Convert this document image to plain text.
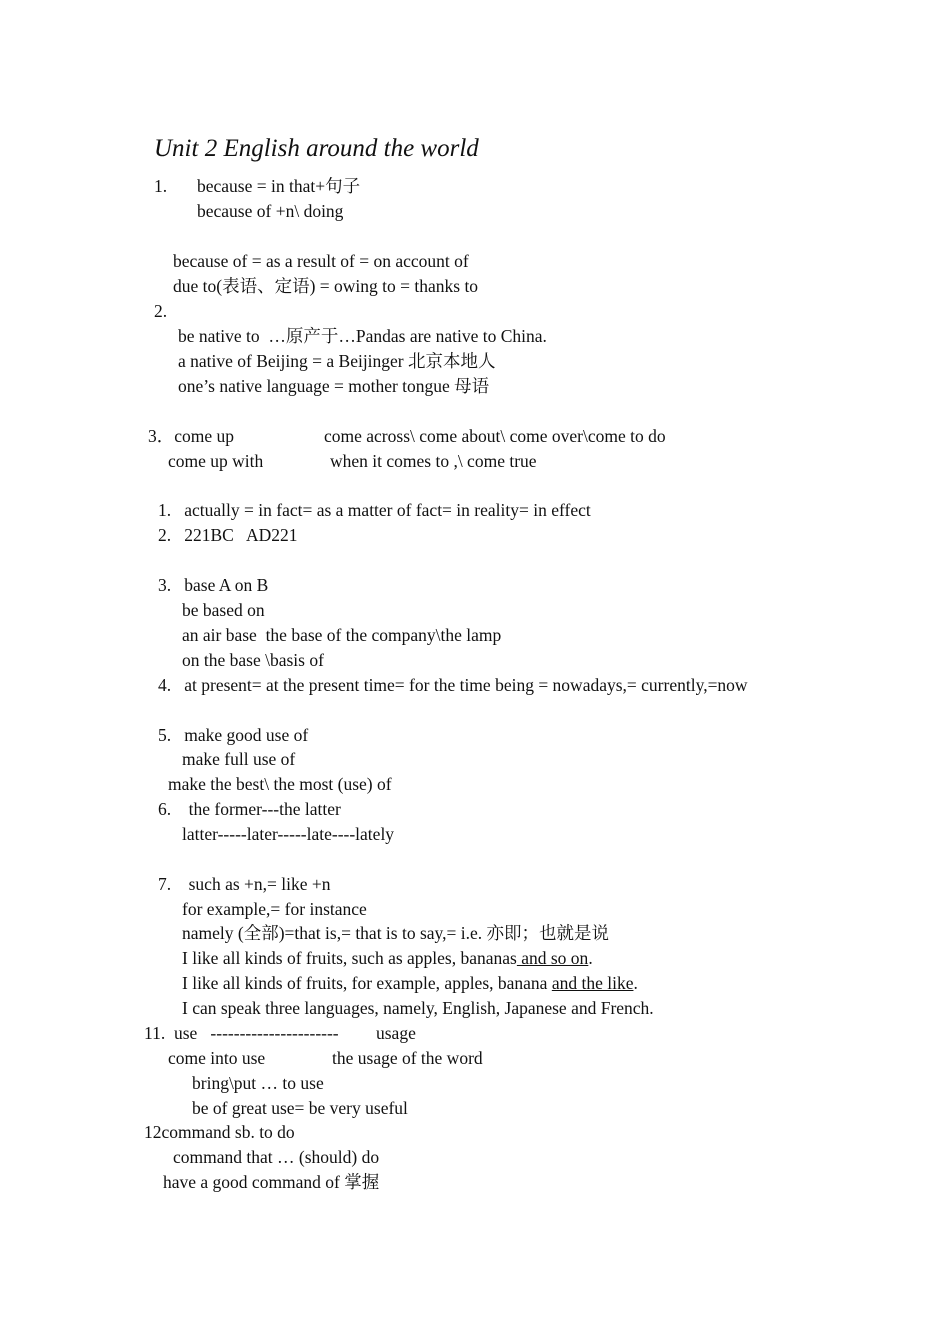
Unit 2 English around the world
1. because = in that+句子
because of +n\ doing
because of = as a result of = on account of
due to(表语、定语) = owing to = thanks to
2.
be native to  …原产于…Pandas are native to China.
a native of Beijing = a Beijinger 北京本地人
one’s native language = mother tongue 母语
3．come up	come across\ come about\ come over\come to do
come up with	when it comes to ,\ come true
1.   actually = in fact= as a matter of fact= in reality= in effect
2.   221BC   AD221
3.   base A on B
be based on
an air base  the base of the company\the lamp
on the base \basis of
4.   at present= at the present time= for the time being = nowadays,= currently,=now
5.   make good use of
make full use of
make the best\ the most (use) of
6.    the former---the latter
latter-----later-----late----lately
7.    such as +n,= like +n
for example,= for instance
namely (全部)=that is,= that is to say,= i.e. 亦即；也就是说
I like all kinds of fruits, such as apples, bananas and so on.
I like all kinds of fruits, for example, apples, banana and the like.
I can speak three languages, namely, English, Japanese and French.
11.  use   ---------------------- usage
come into use	the usage of the word
bring\put … to use
be of great use= be very useful
12command sb. to do
command that … (should) do
have a good command of 掌握
